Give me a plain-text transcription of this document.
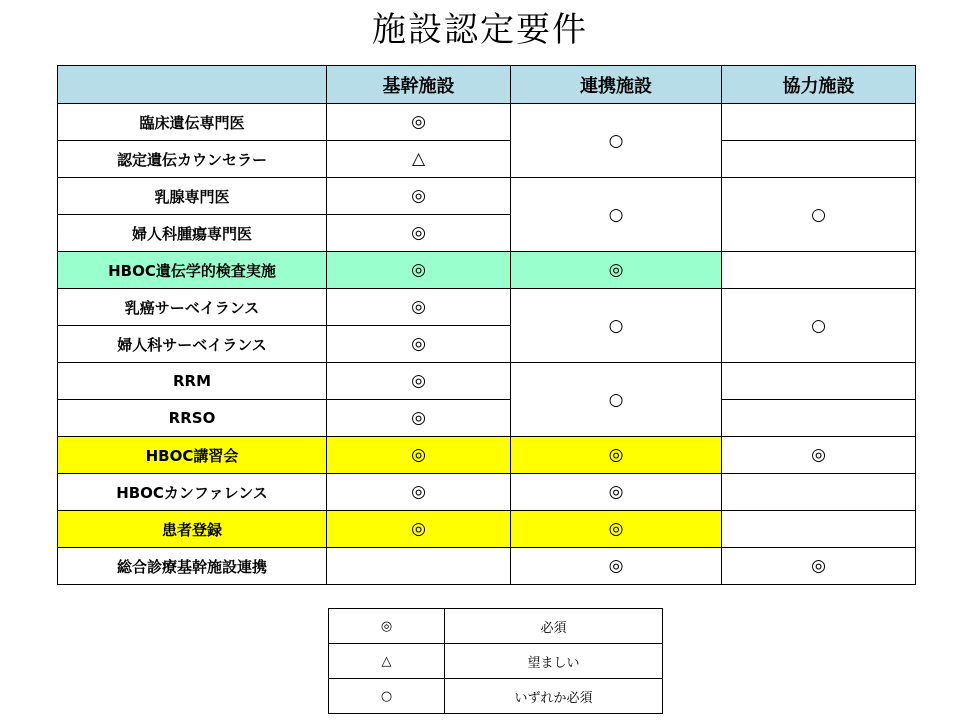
施設認定要件
	基幹施設	連携施設	協力施設
臨床遺伝専門医	◎	○	
認定遺伝カウンセラー	△		
乳腺専門医	◎	○	○
婦人科腫瘍専門医	◎		
HBOC遺伝学的検査実施	◎	◎	
乳癌サーベイランス	◎	○	○
婦人科サーベイランス	◎		
RRM	◎	○	
RRSO	◎		
HBOC講習会	◎	◎	◎
HBOCカンファレンス	◎	◎	
患者登録	◎	◎	
総合診療基幹施設連携		◎	◎
◎	必須
△	望ましい
○	いずれか必須
